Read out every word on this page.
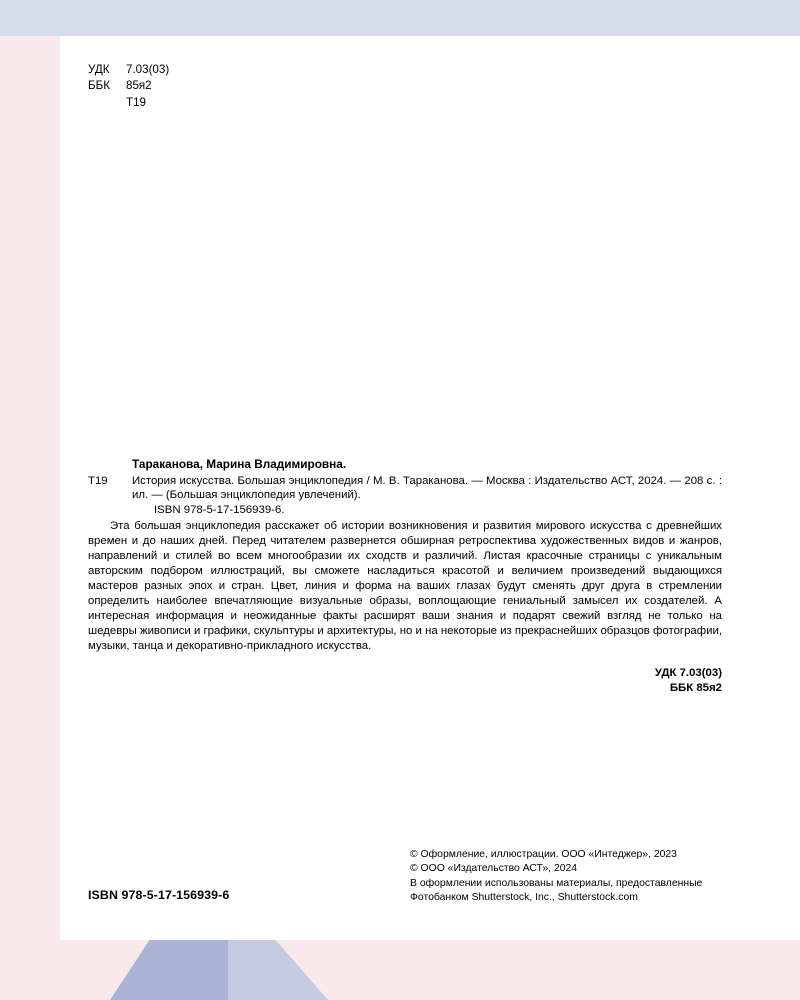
УДК	7.03(03)
ББК	85я2
Т19
Тараканова, Марина Владимировна.
Т19	История искусства. Большая энциклопедия / М. В. Тараканова. — Москва : Издательство АСТ, 2024. — 208 с. : ил. — (Большая энциклопедия увлечений).
ISBN 978-5-17-156939-6.
Эта большая энциклопедия расскажет об истории возникновения и развития мирового искусства с древнейших времен и до наших дней. Перед читателем развернется обширная ретроспектива художественных видов и жанров, направлений и стилей во всем многообразии их сходств и различий. Листая красочные страницы с уникальным авторским подбором иллюстраций, вы сможете насладиться красотой и величием произведений выдающихся мастеров разных эпох и стран. Цвет, линия и форма на ваших глазах будут сменять друг друга в стремлении определить наиболее впечатляющие визуальные образы, воплощающие гениальный замысел их создателей. А интересная информация и неожиданные факты расширят ваши знания и подарят свежий взгляд не только на шедевры живописи и графики, скульптуры и архитектуры, но и на некоторые из прекраснейших образцов фотографии, музыки, танца и декоративно-прикладного искусства.
УДК 7.03(03)
ББК 85я2
© Оформление, иллюстрации. ООО «Интеджер», 2023
© ООО «Издательство АСТ», 2024
В оформлении использованы материалы, предоставленные
Фотобанком Shutterstock, Inc., Shutterstock.com
ISBN 978-5-17-156939-6
